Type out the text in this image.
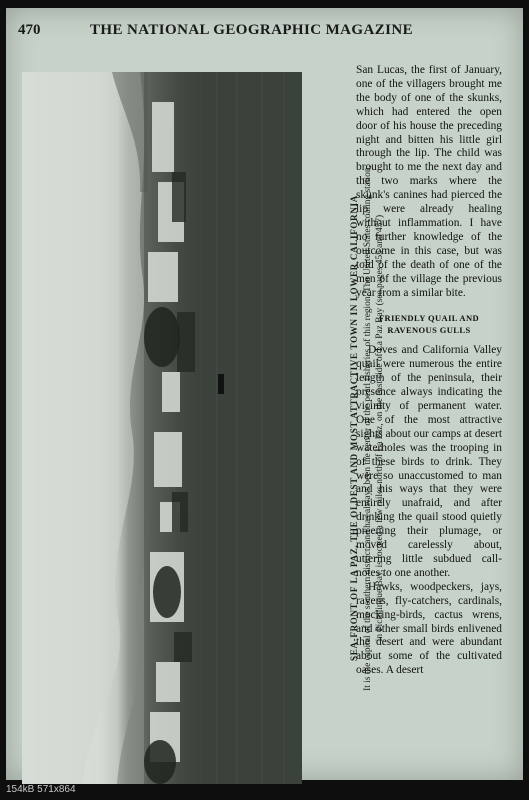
470	THE NATIONAL GEOGRAPHIC MAGAZINE
SEA-FRONT OF LA PAZ, THE OLDEST AND MOST ATTRACTIVE TOWN IN LOWER CALIFORNIA It is the capital of the southern district, and has always been the center of the pearl fisheries of this region. The United States coaling station, in Pichilinque Bay, is located a few miles north of La Paz, on the east side of La Paz Bay (see pages 455 and 457)

San Lucas, the first of January, one of the villagers brought me the body of one of the skunks, which had entered the open door of his house the preceding night and bitten his little girl through the lip. The child was brought to me the next day and the two marks where the skunk's canines had pierced the lip were already healing without inflammation. I have no further knowledge of the outcome in this case, but was told of the death of one of the men of the village the previous year from a similar bite.

FRIENDLY QUAIL AND
RAVENOUS GULLS

Doves and California Valley quail were numerous the entire length of the peninsula, their presence always indicating the vicinity of permanent water. One of the most attractive sights about our camps at desert waterholes was the trooping in of these birds to drink. They were so unaccustomed to man and his ways that they were entirely unafraid, and after drinking the quail stood quietly preening their plumage, or moved carelessly about, uttering little subdued call-notes to one another.

Hawks, woodpeckers, jays, ravens, fly-catchers, cardinals, mocking-birds, cactus wrens, and other small birds enlivened the desert and were abundant about some of the cultivated oases. A desert

154kB 571x864
